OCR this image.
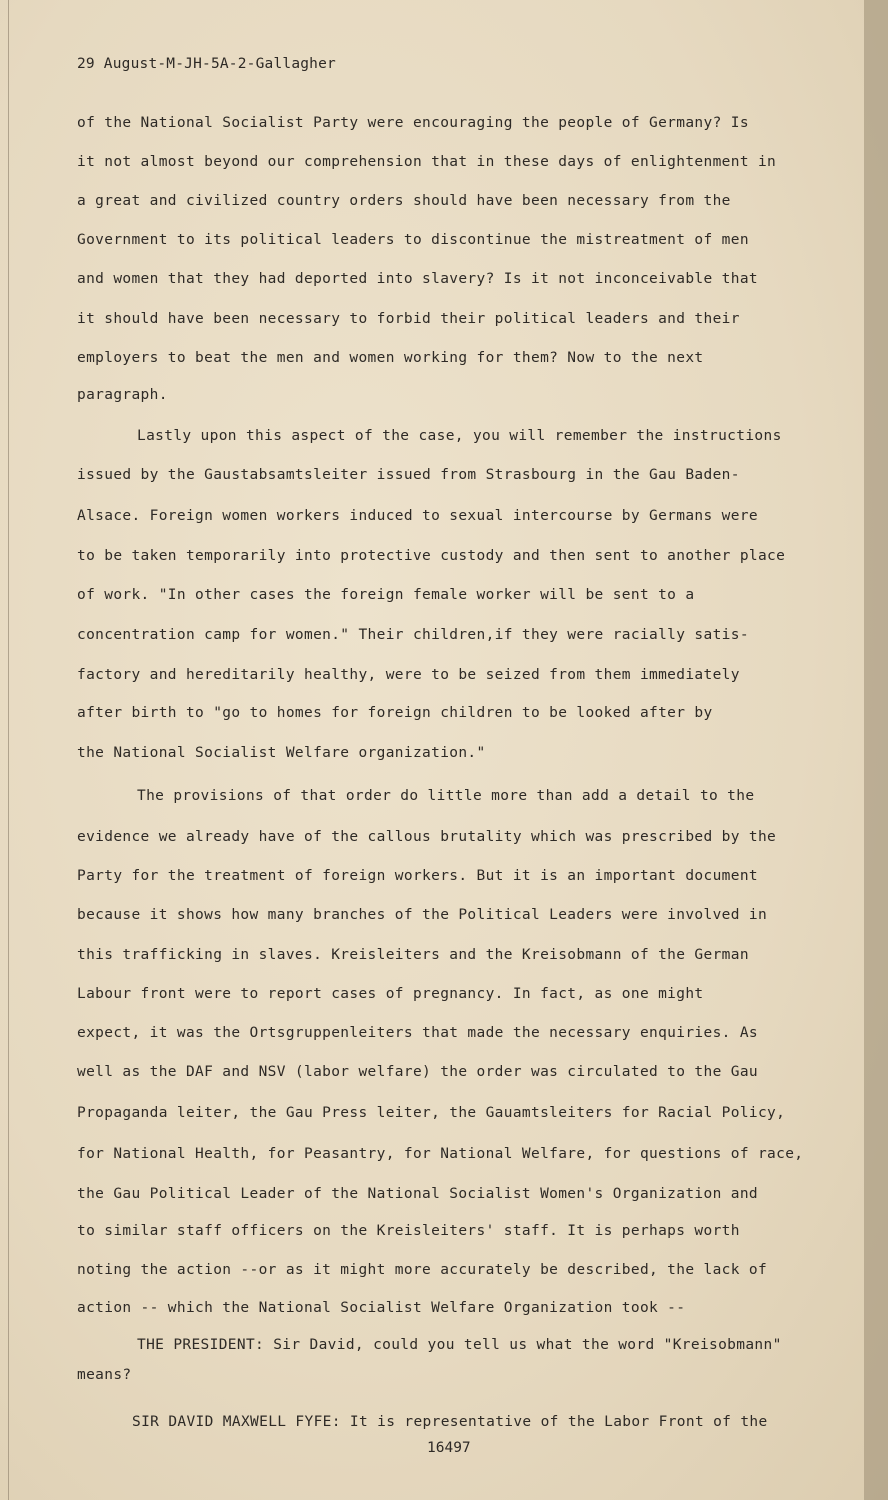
29 August-M-JH-5A-2-Gallagher
of the National Socialist Party were encouraging the people of Germany? Is
it not almost beyond our comprehension that in these days of enlightenment in
a great and civilized country orders should have been necessary from the
Government to its political leaders to discontinue the mistreatment of men
and women that they had deported into slavery? Is it not inconceivable that
it should have been necessary to forbid their political leaders and their
employers to beat the men and women working for them? Now to the next
paragraph.
Lastly upon this aspect of the case, you will remember the instructions
issued by the Gaustabsamtsleiter issued from Strasbourg in the Gau Baden-
Alsace. Foreign women workers induced to sexual intercourse by Germans were
to be taken temporarily into protective custody and then sent to another place
of work. "In other cases the foreign female worker will be sent to a
concentration camp for women." Their children,if they were racially satis-
factory and hereditarily healthy, were to be seized from them immediately
after birth to "go to homes for foreign children to be looked after by
the National Socialist Welfare organization."
The provisions of that order do little more than add a detail to the
evidence we already have of the callous brutality which was prescribed by the
Party for the treatment of foreign workers. But it is an important document
because it shows how many branches of the Political Leaders were involved in
this trafficking in slaves. Kreisleiters and the Kreisobmann of the German
Labour front were to report cases of pregnancy. In fact, as one might
expect, it was the Ortsgruppenleiters that made the necessary enquiries. As
well as the DAF and NSV (labor welfare) the order was circulated to the Gau
Propaganda leiter, the Gau Press leiter, the Gauamtsleiters for Racial Policy,
for National Health, for Peasantry, for National Welfare, for questions of race,
the Gau Political Leader of the National Socialist Women's Organization and
to similar staff officers on the Kreisleiters' staff. It is perhaps worth
noting the action --or as it might more accurately be described, the lack of
action -- which the National Socialist Welfare Organization took --
THE PRESIDENT: Sir David, could you tell us what the word "Kreisobmann"
means?
SIR DAVID MAXWELL FYFE: It is representative of the Labor Front of the
16497
